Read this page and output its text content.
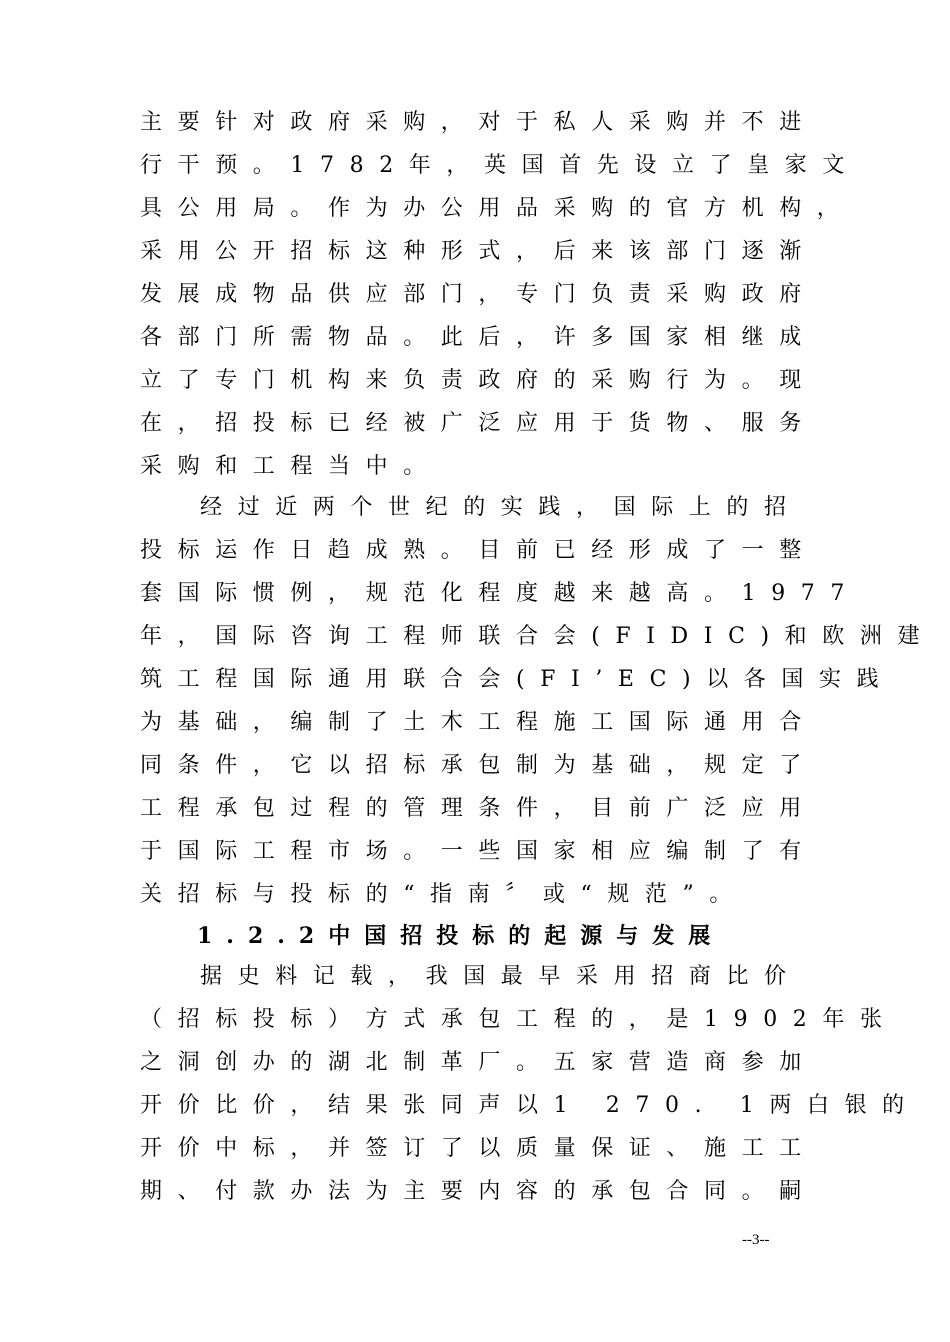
主要针对政府采购，对于私人采购并不进
行干预。1782年，英国首先设立了皇家文
具公用局。作为办公用品采购的官方机构，
采用公开招标这种形式，后来该部门逐渐
发展成物品供应部门，专门负责采购政府
各部门所需物品。此后，许多国家相继成
立了专门机构来负责政府的采购行为。现
在，招投标已经被广泛应用于货物、服务
采购和工程当中。
经过近两个世纪的实践，国际上的招
投标运作日趋成熟。目前已经形成了一整
套国际惯例，规范化程度越来越高。1977
年，国际咨询工程师联合会(FIDIC)和欧洲建
筑工程国际通用联合会(FI’EC)以各国实践
为基础，编制了土木工程施工国际通用合
同条件，它以招标承包制为基础，规定了
工程承包过程的管理条件，目前广泛应用
于国际工程市场。一些国家相应编制了有
关招标与投标的“指南〞或“规范”。
1.2.2中国招投标的起源与发展
据史料记载，我国最早采用招商比价
（招标投标）方式承包工程的，是1902年张
之洞创办的湖北制革厂。五家营造商参加
开价比价，结果张同声以1 270. 1两白银的
开价中标，并签订了以质量保证、施工工
期、付款办法为主要内容的承包合同。嗣
--3--
